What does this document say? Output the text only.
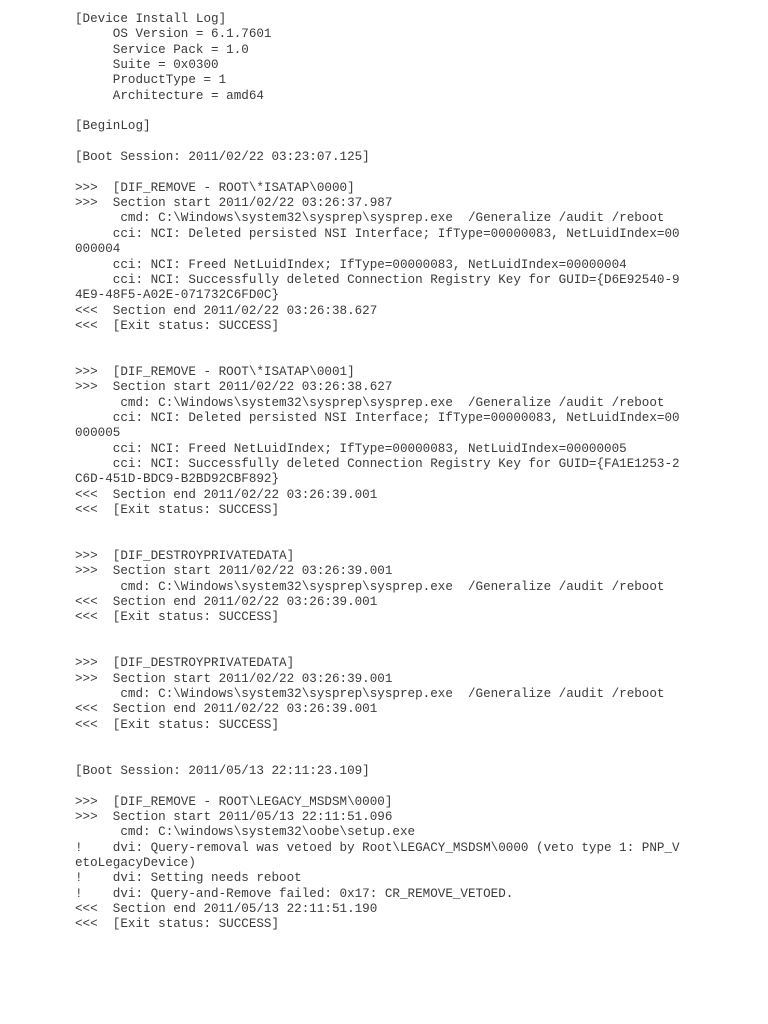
[Device Install Log]
OS Version = 6.1.7601
Service Pack = 1.0
Suite = 0x0300
ProductType = 1
Architecture = amd64
[BeginLog]
[Boot Session: 2011/02/22 03:23:07.125]
>>>  [DIF_REMOVE - ROOT\*ISATAP\0000]
>>>  Section start 2011/02/22 03:26:37.987
cmd: C:\Windows\system32\sysprep\sysprep.exe  /Generalize /audit /reboot
cci: NCI: Deleted persisted NSI Interface; IfType=00000083, NetLuidIndex=00
000004
cci: NCI: Freed NetLuidIndex; IfType=00000083, NetLuidIndex=00000004
cci: NCI: Successfully deleted Connection Registry Key for GUID={D6E92540-9
4E9-48F5-A02E-071732C6FD0C}
<<<  Section end 2011/02/22 03:26:38.627
<<<  [Exit status: SUCCESS]
>>>  [DIF_REMOVE - ROOT\*ISATAP\0001]
>>>  Section start 2011/02/22 03:26:38.627
cmd: C:\Windows\system32\sysprep\sysprep.exe  /Generalize /audit /reboot
cci: NCI: Deleted persisted NSI Interface; IfType=00000083, NetLuidIndex=00
000005
cci: NCI: Freed NetLuidIndex; IfType=00000083, NetLuidIndex=00000005
cci: NCI: Successfully deleted Connection Registry Key for GUID={FA1E1253-2
C6D-451D-BDC9-B2BD92CBF892}
<<<  Section end 2011/02/22 03:26:39.001
<<<  [Exit status: SUCCESS]
>>>  [DIF_DESTROYPRIVATEDATA]
>>>  Section start 2011/02/22 03:26:39.001
cmd: C:\Windows\system32\sysprep\sysprep.exe  /Generalize /audit /reboot
<<<  Section end 2011/02/22 03:26:39.001
<<<  [Exit status: SUCCESS]
>>>  [DIF_DESTROYPRIVATEDATA]
>>>  Section start 2011/02/22 03:26:39.001
cmd: C:\Windows\system32\sysprep\sysprep.exe  /Generalize /audit /reboot
<<<  Section end 2011/02/22 03:26:39.001
<<<  [Exit status: SUCCESS]
[Boot Session: 2011/05/13 22:11:23.109]
>>>  [DIF_REMOVE - ROOT\LEGACY_MSDSM\0000]
>>>  Section start 2011/05/13 22:11:51.096
cmd: C:\windows\system32\oobe\setup.exe
!    dvi: Query-removal was vetoed by Root\LEGACY_MSDSM\0000 (veto type 1: PNP_V
etoLegacyDevice)
!    dvi: Setting needs reboot
!    dvi: Query-and-Remove failed: 0x17: CR_REMOVE_VETOED.
<<<  Section end 2011/05/13 22:11:51.190
<<<  [Exit status: SUCCESS]
